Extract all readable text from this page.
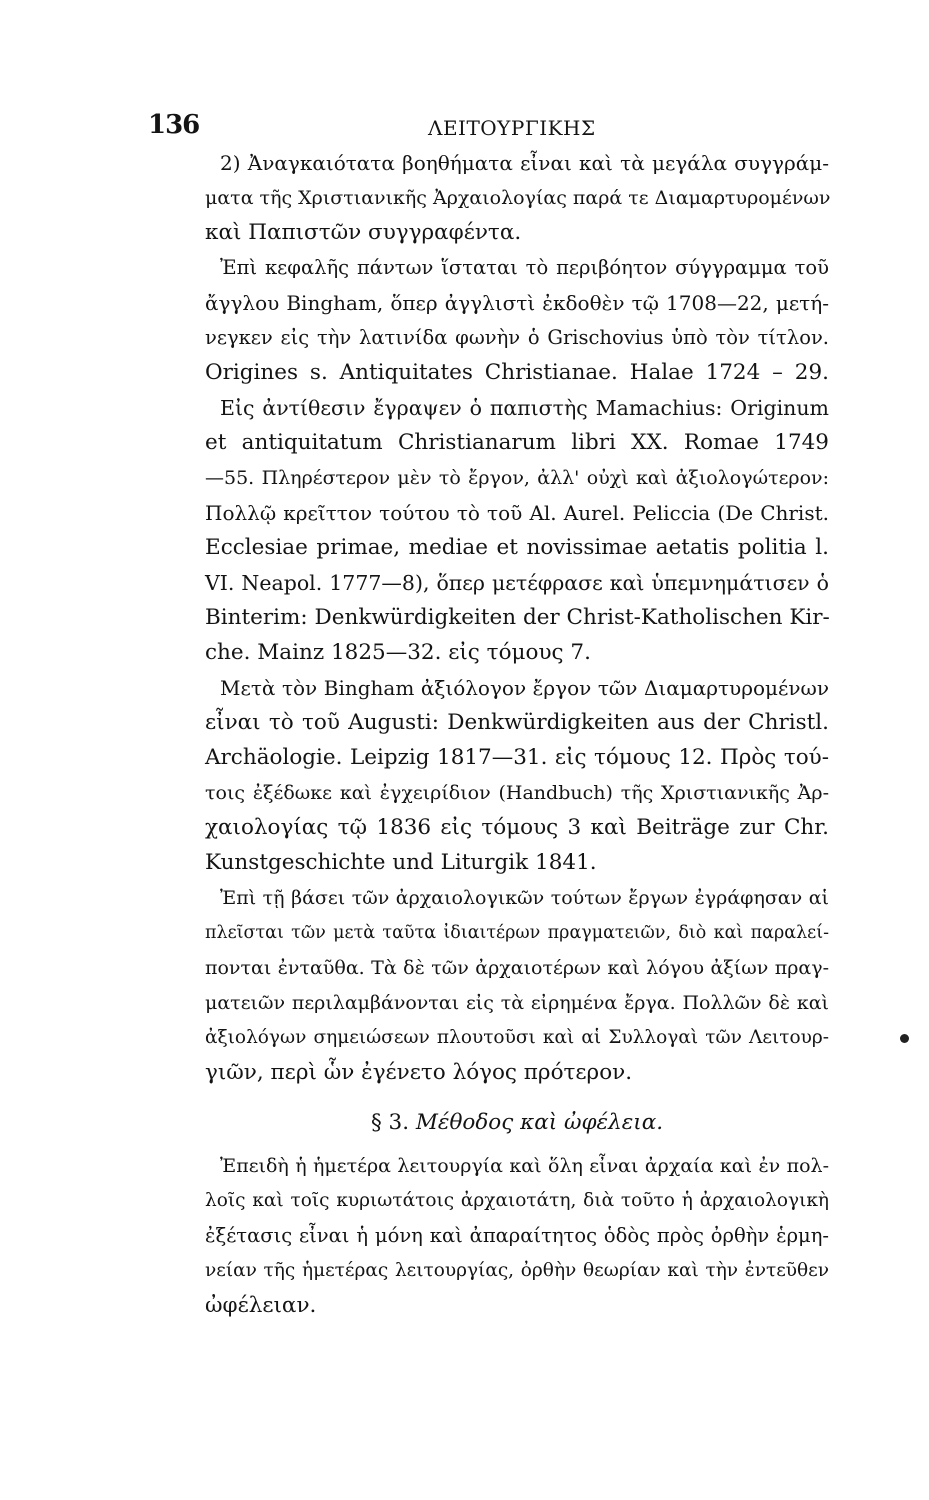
136	ΛΕΙΤΟΥΡΓΙΚΗΣ
2) Ἀναγκαιότατα βοηθήματα εἶναι καὶ τὰ μεγάλα συγγράμ-
ματα τῆς Χριστιανικῆς Ἀρχαιολογίας παρά τε Διαμαρτυρομένων
καὶ Παπιστῶν συγγραφέντα.
Ἐπὶ κεφαλῆς πάντων ἵσταται τὸ περιβόητον σύγγραμμα τοῦ
ἄγγλου Bingham, ὅπερ ἀγγλιστὶ ἐκδοθὲν τῷ 1708—22, μετή-
νεγκεν εἰς τὴν λατινίδα φωνὴν ὁ Grischovius ὑπὸ τὸν τίτλον.
Origines s. Antiquitates Christianae. Halae 1724 – 29.
Εἰς ἀντίθεσιν ἔγραψεν ὁ παπιστὴς Mamachius: Originum
et antiquitatum Christianarum libri XX. Romae 1749
—55. Πληρέστερον μὲν τὸ ἔργον, ἀλλ' οὐχὶ καὶ ἀξιολογώτερον:
Πολλῷ κρεῖττον τούτου τὸ τοῦ Al. Aurel. Peliccia (De Christ.
Ecclesiae primae, mediae et novissimae aetatis politia l.
VI. Neapol. 1777—8), ὅπερ μετέφρασε καὶ ὑπεμνημάτισεν ὁ
Binterim: Denkwürdigkeiten der Christ-Katholischen Kir-
che. Mainz 1825—32. εἰς τόμους 7.
Μετὰ τὸν Bingham ἀξιόλογον ἔργον τῶν Διαμαρτυρομένων
εἶναι τὸ τοῦ Augusti: Denkwürdigkeiten aus der Christl.
Archäologie. Leipzig 1817—31. εἰς τόμους 12. Πρὸς τού-
τοις ἐξέδωκε καὶ ἐγχειρίδιον (Handbuch) τῆς Χριστιανικῆς Ἀρ-
χαιολογίας τῷ 1836 εἰς τόμους 3 καὶ Beiträge zur Chr.
Kunstgeschichte und Liturgik 1841.
Ἐπὶ τῇ βάσει τῶν ἀρχαιολογικῶν τούτων ἔργων ἐγράφησαν αἱ
πλεῖσται τῶν μετὰ ταῦτα ἰδιαιτέρων πραγματειῶν, διὸ καὶ παραλεί-
πονται ἐνταῦθα. Τὰ δὲ τῶν ἀρχαιοτέρων καὶ λόγου ἀξίων πραγ-
ματειῶν περιλαμβάνονται εἰς τὰ εἰρημένα ἔργα. Πολλῶν δὲ καὶ
ἀξιολόγων σημειώσεων πλουτοῦσι καὶ αἱ Συλλογαὶ τῶν Λειτουρ-
γιῶν, περὶ ὧν ἐγένετο λόγος πρότερον.
§ 3. Μέθοδος καὶ ὠφέλεια.
Ἐπειδὴ ἡ ἡμετέρα λειτουργία καὶ ὅλη εἶναι ἀρχαία καὶ ἐν πολ-
λοῖς καὶ τοῖς κυριωτάτοις ἀρχαιοτάτη, διὰ τοῦτο ἡ ἀρχαιολογικὴ
ἐξέτασις εἶναι ἡ μόνη καὶ ἀπαραίτητος ὁδὸς πρὸς ὀρθὴν ἑρμη-
νείαν τῆς ἡμετέρας λειτουργίας, ὀρθὴν θεωρίαν καὶ τὴν ἐντεῦθεν
ὠφέλειαν.
